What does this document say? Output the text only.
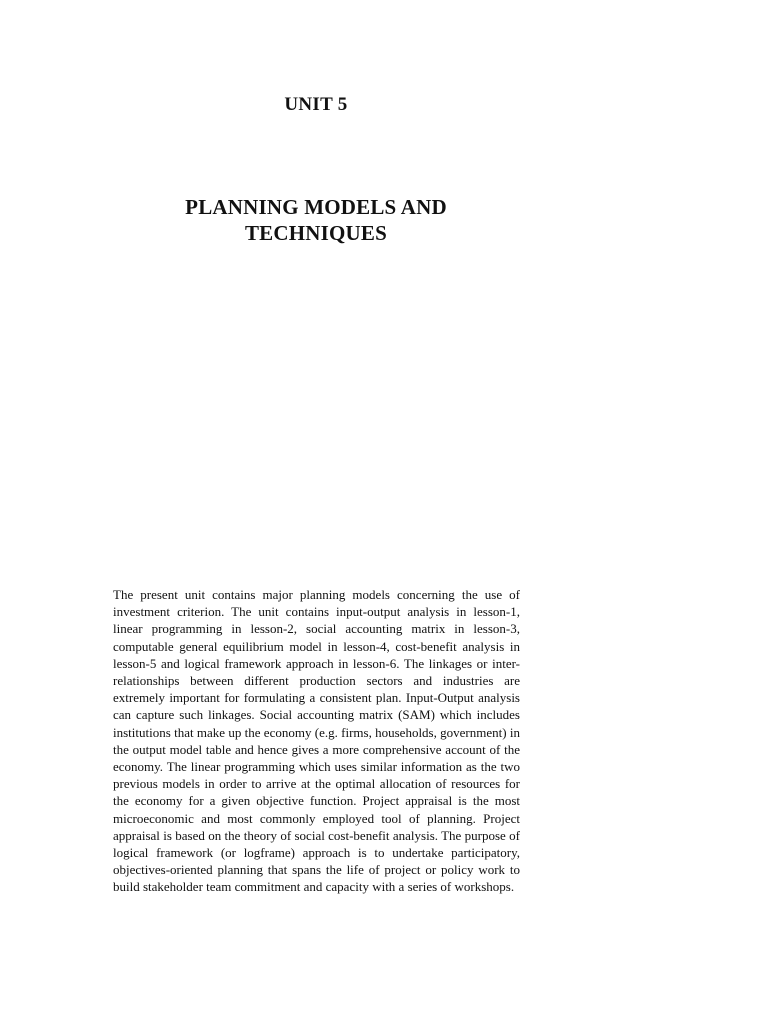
UNIT 5
PLANNING MODELS AND
TECHNIQUES

The present unit contains major planning models concerning the use of investment criterion. The unit contains input-output analysis in lesson-1, linear programming in lesson-2, social accounting matrix in lesson-3, computable general equilibrium model in lesson-4, cost-benefit analysis in lesson-5 and logical framework approach in lesson-6. The linkages or inter-relationships between different production sectors and industries are extremely important for formulating a consistent plan. Input-Output analysis can capture such linkages. Social accounting matrix (SAM) which includes institutions that make up the economy (e.g. firms, households, government) in the output model table and hence gives a more comprehensive account of the economy. The linear programming which uses similar information as the two previous models in order to arrive at the optimal allocation of resources for the economy for a given objective function. Project appraisal is the most microeconomic and most commonly employed tool of planning. Project appraisal is based on the theory of social cost-benefit analysis. The purpose of logical framework (or logframe) approach is to undertake participatory, objectives-oriented planning that spans the life of project or policy work to build stakeholder team commitment and capacity with a series of workshops.
